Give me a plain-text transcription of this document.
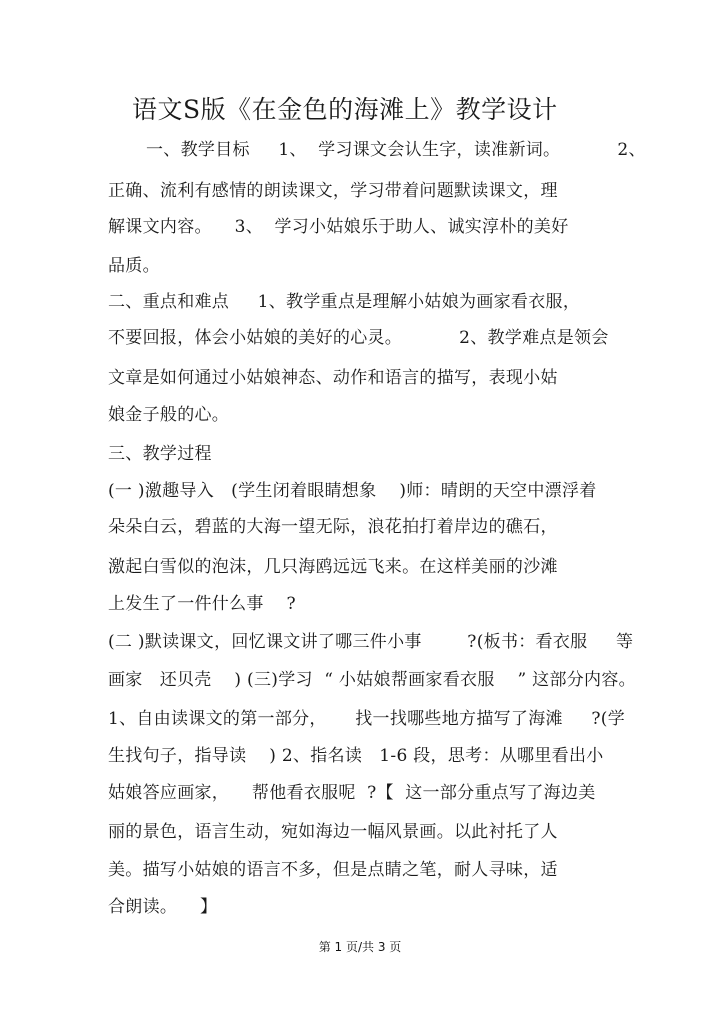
语文S版《在金色的海滩上》教学设计
一、教学目标     1、  学习课文会认生字，读准新词。          2、
正确、流利有感情的朗读课文，学习带着问题默读课文，理
解课文内容。    3、  学习小姑娘乐于助人、诚实淳朴的美好
品质。
二、重点和难点     1、教学重点是理解小姑娘为画家看衣服，
不要回报，体会小姑娘的美好的心灵。          2、教学难点是领会
文章是如何通过小姑娘神态、动作和语言的描写，表现小姑
娘金子般的心。
三、教学过程
(一 )激趣导入   (学生闭着眼睛想象    )师：晴朗的天空中漂浮着
朵朵白云，碧蓝的大海一望无际，浪花拍打着岸边的礁石，
激起白雪似的泡沫，几只海鸥远远飞来。在这样美丽的沙滩
上发生了一件什么事    ?
(二 )默读课文，回忆课文讲了哪三件小事        ?(板书：看衣服     等
画家   还贝壳    ) (三)学习  “ 小姑娘帮画家看衣服    ” 这部分内容。
1、自由读课文的第一部分，     找一找哪些地方描写了海滩     ?(学
生找句子，指导读    ) 2、指名读   1-6 段，思考：从哪里看出小
姑娘答应画家，    帮他看衣服呢  ?【  这一部分重点写了海边美
丽的景色，语言生动，宛如海边一幅风景画。以此衬托了人
美。描写小姑娘的语言不多，但是点睛之笔，耐人寻味，适
合朗读。    】
第 1 页/共 3 页
